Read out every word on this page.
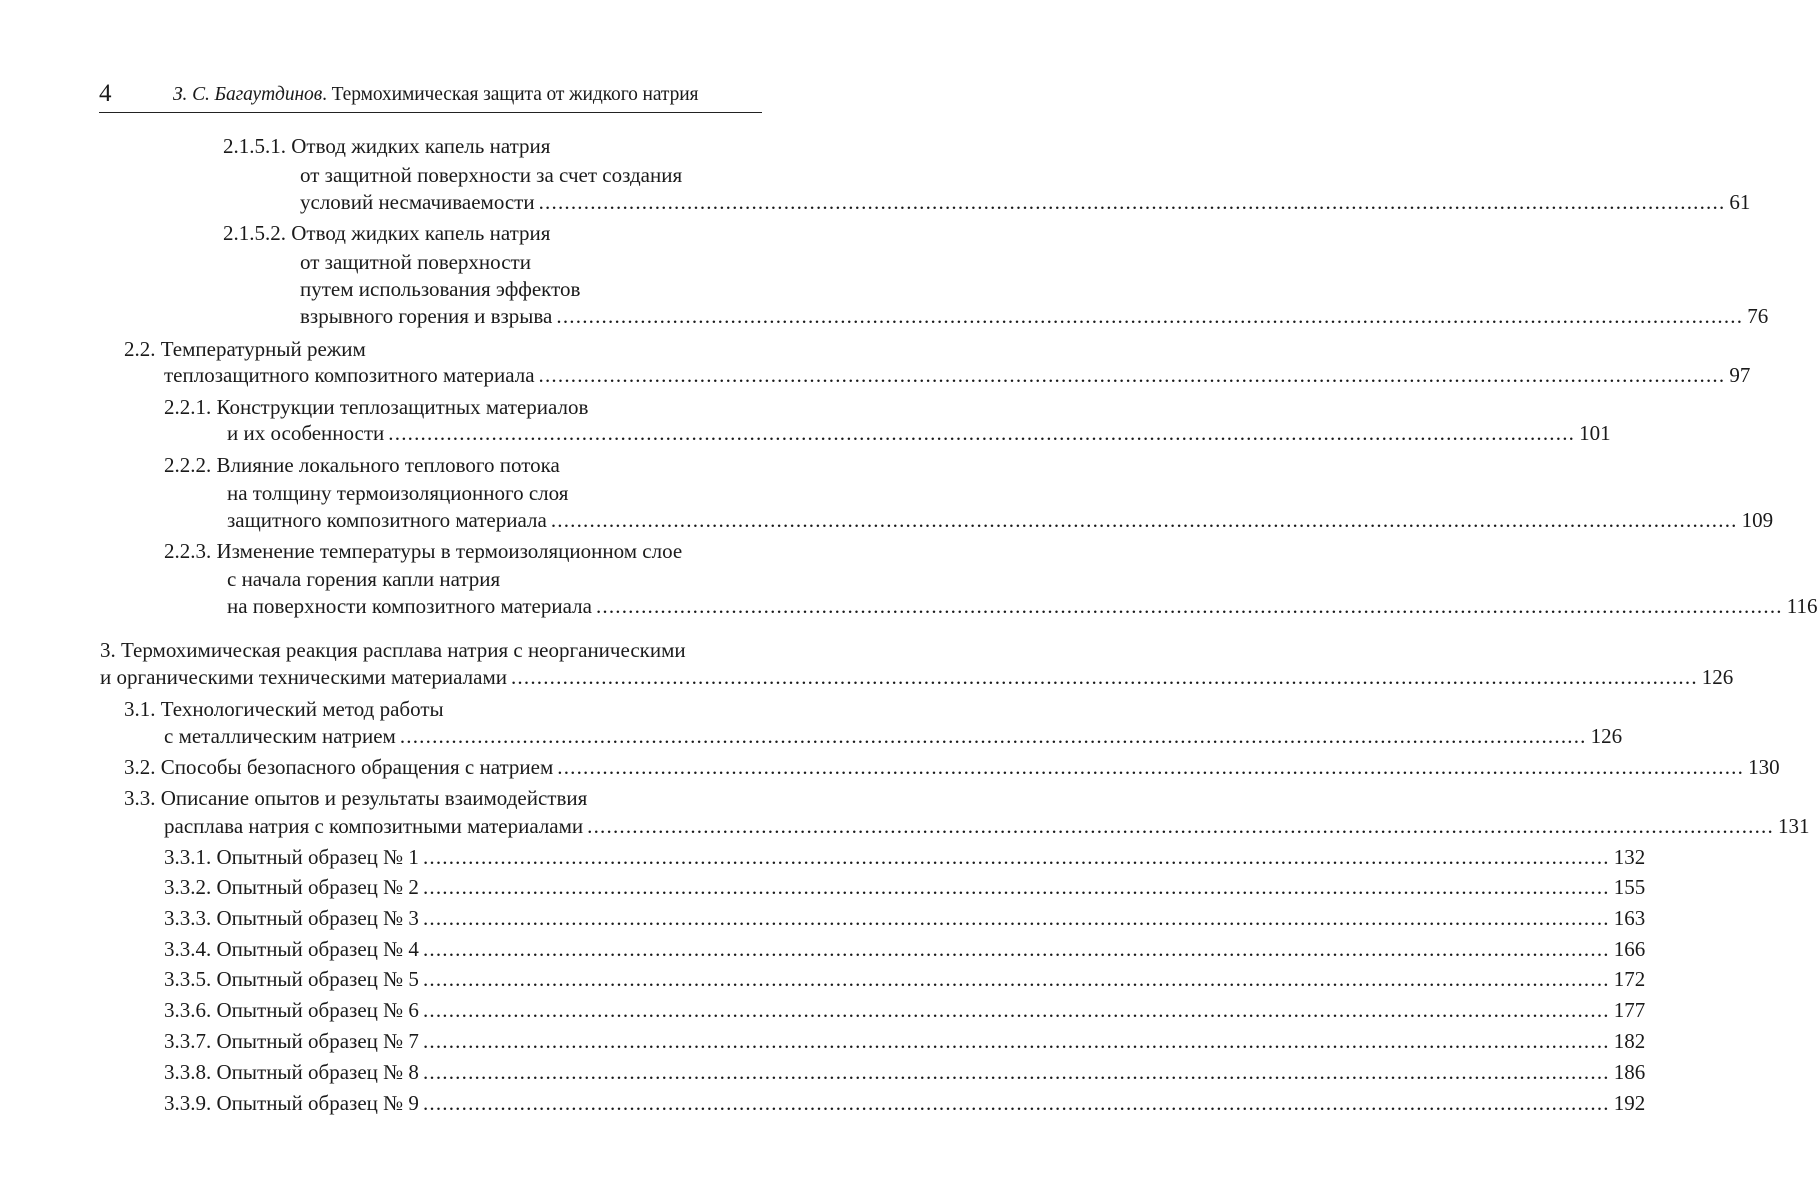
4	З. С. Багаутдинов. Термохимическая защита от жидкого натрия
2.1.5.1. Отвод жидких капель натрия
от защитной поверхности за счет создания
условий несмачиваемости ........................................................................................................................................................................................ 61
2.1.5.2. Отвод жидких капель натрия
от защитной поверхности
путем использования эффектов
взрывного горения и взрыва ........................................................................................................................................................................................ 76
2.2. Температурный режим
теплозащитного композитного материала ........................................................................................................................................................................................ 97
2.2.1. Конструкции теплозащитных материалов
и их особенности ........................................................................................................................................................................................ 101
2.2.2. Влияние локального теплового потока
на толщину термоизоляционного слоя
защитного композитного материала ........................................................................................................................................................................................ 109
2.2.3. Изменение температуры в термоизоляционном слое
с начала горения капли натрия
на поверхности композитного материала ........................................................................................................................................................................................ 116
3. Термохимическая реакция расплава натрия с неорганическими
и органическими техническими материалами ........................................................................................................................................................................................ 126
3.1. Технологический метод работы
с металлическим натрием ........................................................................................................................................................................................ 126
3.2. Способы безопасного обращения с натрием ........................................................................................................................................................................................ 130
3.3. Описание опытов и результаты взаимодействия
расплава натрия с композитными материалами ........................................................................................................................................................................................ 131
3.3.1. Опытный образец № 1 ........................................................................................................................................................................................ 132
3.3.2. Опытный образец № 2 ........................................................................................................................................................................................ 155
3.3.3. Опытный образец № 3 ........................................................................................................................................................................................ 163
3.3.4. Опытный образец № 4 ........................................................................................................................................................................................ 166
3.3.5. Опытный образец № 5 ........................................................................................................................................................................................ 172
3.3.6. Опытный образец № 6 ........................................................................................................................................................................................ 177
3.3.7. Опытный образец № 7 ........................................................................................................................................................................................ 182
3.3.8. Опытный образец № 8 ........................................................................................................................................................................................ 186
3.3.9. Опытный образец № 9 ........................................................................................................................................................................................ 192
